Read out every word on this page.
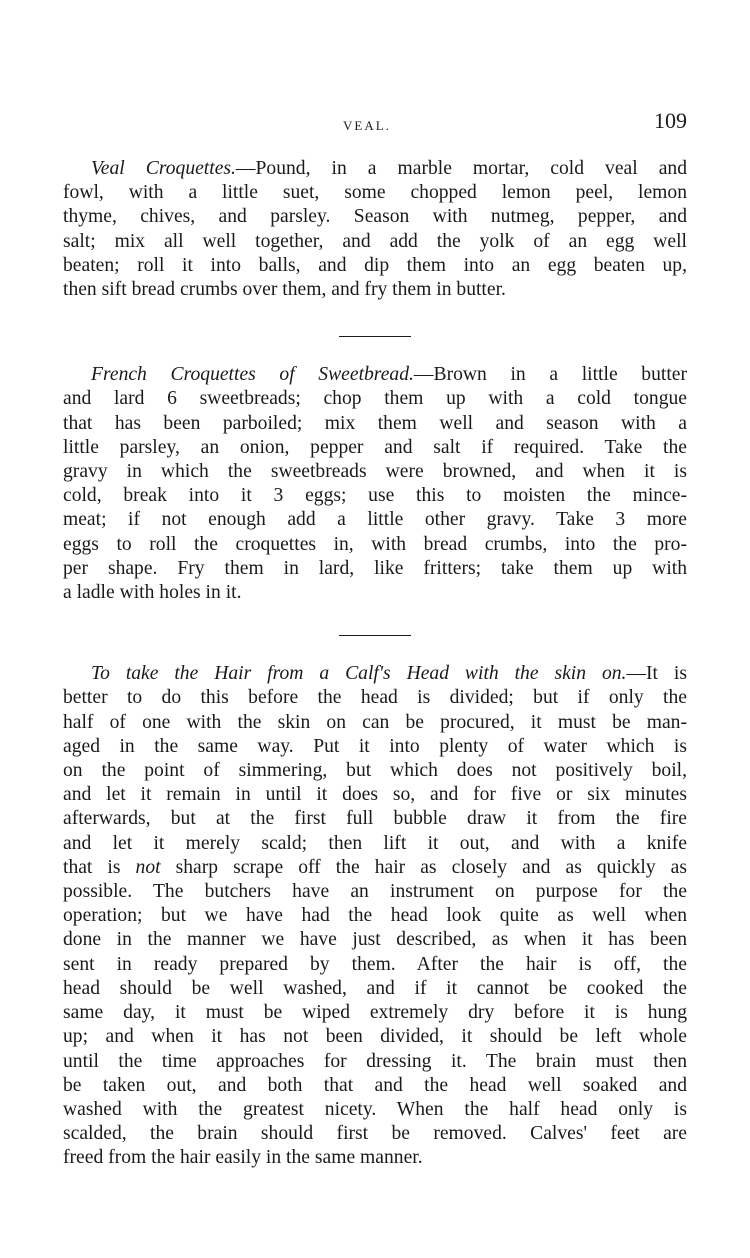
VEAL.	109
Veal Croquettes.—Pound, in a marble mortar, cold veal and
fowl, with a little suet, some chopped lemon peel, lemon
thyme, chives, and parsley. Season with nutmeg, pepper, and
salt; mix all well together, and add the yolk of an egg well
beaten; roll it into balls, and dip them into an egg beaten up,
then sift bread crumbs over them, and fry them in butter.
French Croquettes of Sweetbread.—Brown in a little butter
and lard 6 sweetbreads; chop them up with a cold tongue
that has been parboiled; mix them well and season with a
little parsley, an onion, pepper and salt if required. Take the
gravy in which the sweetbreads were browned, and when it is
cold, break into it 3 eggs; use this to moisten the mince-
meat; if not enough add a little other gravy. Take 3 more
eggs to roll the croquettes in, with bread crumbs, into the pro-
per shape. Fry them in lard, like fritters; take them up with
a ladle with holes in it.
To take the Hair from a Calf's Head with the skin on.—It is
better to do this before the head is divided; but if only the
half of one with the skin on can be procured, it must be man-
aged in the same way. Put it into plenty of water which is
on the point of simmering, but which does not positively boil,
and let it remain in until it does so, and for five or six minutes
afterwards, but at the first full bubble draw it from the fire
and let it merely scald; then lift it out, and with a knife
that is not sharp scrape off the hair as closely and as quickly as
possible. The butchers have an instrument on purpose for the
operation; but we have had the head look quite as well when
done in the manner we have just described, as when it has been
sent in ready prepared by them. After the hair is off, the
head should be well washed, and if it cannot be cooked the
same day, it must be wiped extremely dry before it is hung
up; and when it has not been divided, it should be left whole
until the time approaches for dressing it. The brain must then
be taken out, and both that and the head well soaked and
washed with the greatest nicety. When the half head only is
scalded, the brain should first be removed. Calves' feet are
freed from the hair easily in the same manner.
